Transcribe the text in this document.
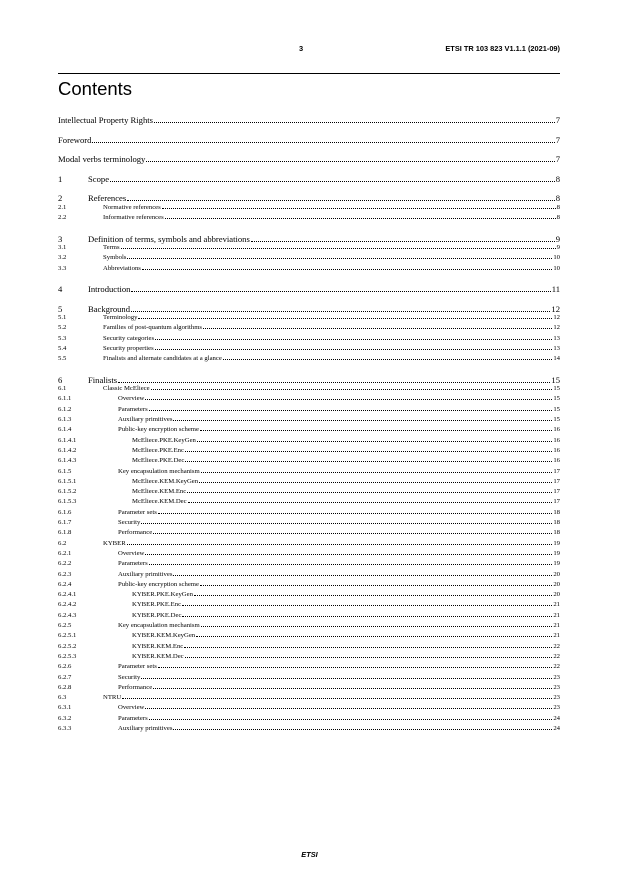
3	ETSI TR 103 823 V1.1.1 (2021-09)
Contents
Intellectual Property Rights	7
Foreword	7
Modal verbs terminology	7
1	Scope	8
2	References	8
2.1	Normative references	8
2.2	Informative references	8
3	Definition of terms, symbols and abbreviations	9
3.1	Terms	9
3.2	Symbols	10
3.3	Abbreviations	10
4	Introduction	11
5	Background	12
5.1	Terminology	12
5.2	Families of post-quantum algorithms	12
5.3	Security categories	13
5.4	Security properties	13
5.5	Finalists and alternate candidates at a glance	14
6	Finalists	15
6.1	Classic McEliece	15
6.1.1	Overview	15
6.1.2	Parameters	15
6.1.3	Auxiliary primitives	15
6.1.4	Public-key encryption scheme	16
6.1.4.1	McEliece.PKE.KeyGen	16
6.1.4.2	McEliece.PKE.Enc	16
6.1.4.3	McEliece.PKE.Dec	16
6.1.5	Key encapsulation mechanism	17
6.1.5.1	McEliece.KEM.KeyGen	17
6.1.5.2	McEliece.KEM.Enc	17
6.1.5.3	McEliece.KEM.Dec	17
6.1.6	Parameter sets	18
6.1.7	Security	18
6.1.8	Performance	18
6.2	KYBER	19
6.2.1	Overview	19
6.2.2	Parameters	19
6.2.3	Auxiliary primitives	20
6.2.4	Public-key encryption scheme	20
6.2.4.1	KYBER.PKE.KeyGen	20
6.2.4.2	KYBER.PKE.Enc	21
6.2.4.3	KYBER.PKE.Dec	21
6.2.5	Key encapsulation mechanism	21
6.2.5.1	KYBER.KEM.KeyGen	21
6.2.5.2	KYBER.KEM.Enc	22
6.2.5.3	KYBER.KEM.Dec	22
6.2.6	Parameter sets	22
6.2.7	Security	23
6.2.8	Performance	23
6.3	NTRU	23
6.3.1	Overview	23
6.3.2	Parameters	24
6.3.3	Auxiliary primitives	24
ETSI
